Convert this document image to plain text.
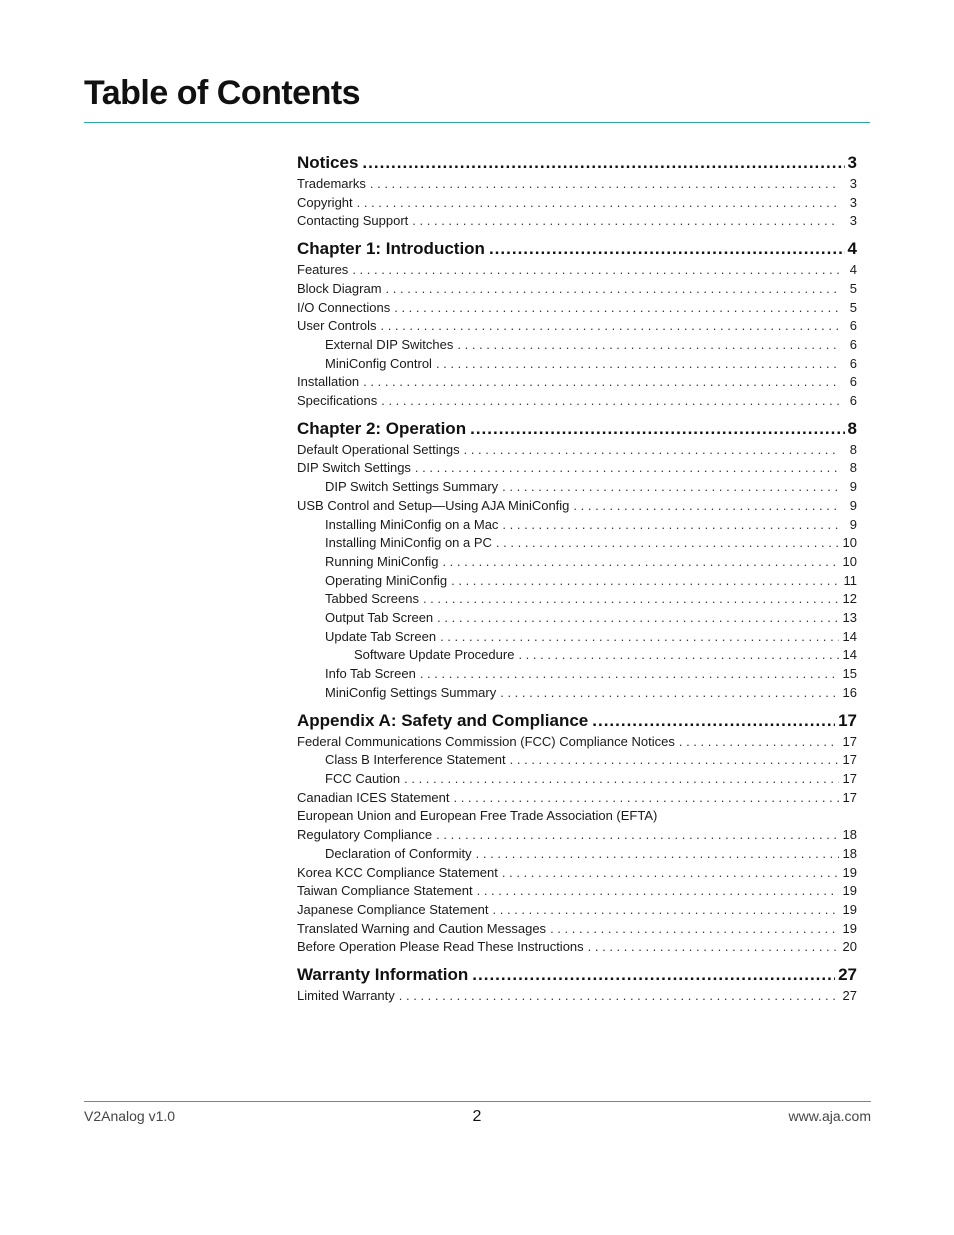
Table of Contents
Notices .....	3
Trademarks . . .	3
Copyright . . .	3
Contacting Support . . .	3
Chapter 1: Introduction .....	4
Features . . .	4
Block Diagram . . .	5
I/O Connections . . .	5
User Controls . . .	6
External DIP Switches . . .	6
MiniConfig Control . . .	6
Installation . . .	6
Specifications . . .	6
Chapter 2: Operation .....	8
Default Operational Settings . . .	8
DIP Switch Settings . . .	8
DIP Switch Settings Summary . . .	9
USB Control and Setup—Using AJA MiniConfig . . .	9
Installing MiniConfig on a Mac . . .	9
Installing MiniConfig on a PC . . .	10
Running MiniConfig . . .	10
Operating MiniConfig . . .	11
Tabbed Screens . . .	12
Output Tab Screen . . .	13
Update Tab Screen . . .	14
Software Update Procedure . . .	14
Info Tab Screen . . .	15
MiniConfig Settings Summary . . .	16
Appendix A: Safety and Compliance .....	17
Federal Communications Commission (FCC) Compliance Notices . . .	17
Class B Interference Statement . . .	17
FCC Caution . . .	17
Canadian ICES Statement . . .	17
European Union and European Free Trade Association (EFTA)
Regulatory Compliance . . .	18
Declaration of Conformity . . .	18
Korea KCC Compliance Statement . . .	19
Taiwan Compliance Statement . . .	19
Japanese Compliance Statement . . .	19
Translated Warning and Caution Messages . . .	19
Before Operation Please Read These Instructions . . .	20
Warranty Information .....	27
Limited Warranty . . .	27
V2Analog v1.0	2	www.aja.com
